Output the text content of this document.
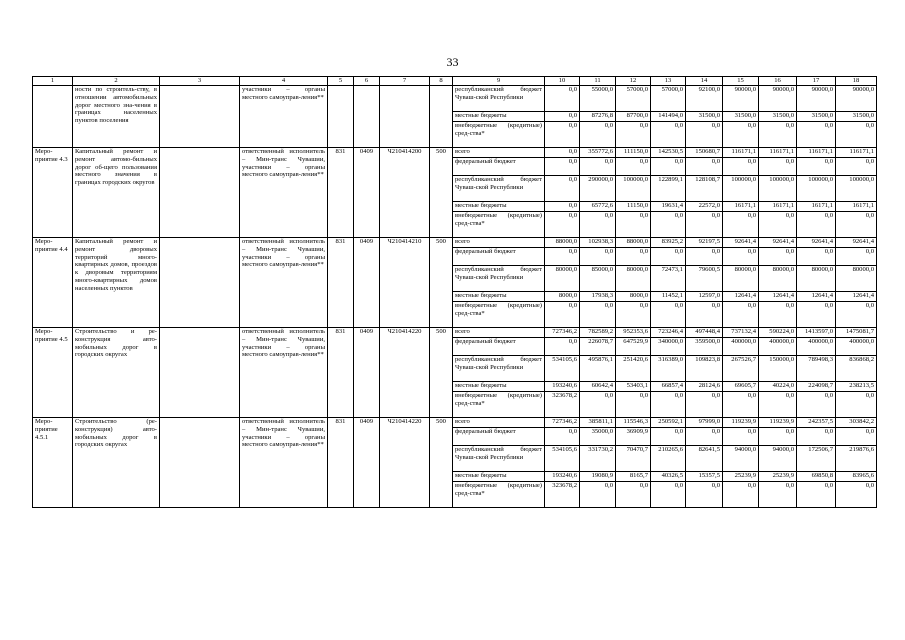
33
1	2	3	4	5	6	7	8	9	10	11	12	13	14	15	16	17	18
	ности по строитель-ству, в отношении автомобильных дорог местного зна-чения в границах населенных пунктов поселения		участники – органы местного самоуправ-ления**					республиканский бюджет Чуваш-ской Республики	0,0	55000,0	57000,0	57000,0	92100,0	90000,0	90000,0	90000,0	90000,0
								местные бюджеты	0,0	87276,8	87700,0	141494,0	31500,0	31500,0	31500,0	31500,0	31500,0
								внебюджетные (кредитные) сред-ства*	0,0	0,0	0,0	0,0	0,0	0,0	0,0	0,0	0,0
Меро-приятие 4.3	Капитальный ремонт и ремонт автомо-бильных дорог об-щего пользования местного значения в границах городских округов		ответственный исполнитель – Мин-транс Чувашии, участники – органы местного самоуправ-ления**	831	0409	Ч210414200	500	всего	0,0	355772,6	111150,0	142530,5	150680,7	116171,1	116171,1	116171,1	116171,1
								федеральный бюджет	0,0	0,0	0,0	0,0	0,0	0,0	0,0	0,0	0,0
								республиканский бюджет Чуваш-ской Республики	0,0	290000,0	100000,0	122899,1	128108,7	100000,0	100000,0	100000,0	100000,0
								местные бюджеты	0,0	65772,6	11150,0	19631,4	22572,0	16171,1	16171,1	16171,1	16171,1
								внебюджетные (кредитные) сред-ства*	0,0	0,0	0,0	0,0	0,0	0,0	0,0	0,0	0,0
Меро-приятие 4.4	Капитальный ремонт и ремонт дворовых территорий много-квартирных домов, проездов к дворовым территориям много-квартирных домов населенных пунктов		ответственный исполнитель – Мин-транс Чувашии, участники – органы местного самоуправ-ления**	831	0409	Ч210414210	500	всего	88000,0	102938,3	88000,0	83925,2	92197,5	92641,4	92641,4	92641,4	92641,4
								федеральный бюджет	0,0	0,0	0,0	0,0	0,0	0,0	0,0	0,0	0,0
								республиканский бюджет Чуваш-ской Республики	80000,0	85000,0	80000,0	72473,1	79600,5	80000,0	80000,0	80000,0	80000,0
								местные бюджеты	8000,0	17938,3	8000,0	11452,1	12597,0	12641,4	12641,4	12641,4	12641,4
								внебюджетные (кредитные) сред-ства*	0,0	0,0	0,0	0,0	0,0	0,0	0,0	0,0	0,0
Меро-приятие 4.5	Строительство и ре-конструкция авто-мобильных дорог в городских округах		ответственный исполнитель – Мин-транс Чувашии, участники – органы местного самоуправ-ления**	831	0409	Ч210414220	500	всего	727346,2	782589,2	952353,6	723246,4	497448,4	737132,4	590224,0	1413597,0	1475081,7
								федеральный бюджет	0,0	226078,7	647529,9	340000,0	359500,0	400000,0	400000,0	400000,0	400000,0
								республиканский бюджет Чуваш-ской Республики	534105,6	495876,1	251420,6	316389,0	109823,8	267526,7	150000,0	789498,3	836868,2
								местные бюджеты	193240,6	60642,4	53403,1	66857,4	28124,6	69605,7	40224,0	224098,7	238213,5
								внебюджетные (кредитные) сред-ства*	323678,2	0,0	0,0	0,0	0,0	0,0	0,0	0,0	0,0
Меро-приятие 4.5.1	Строительство (ре-конструкция) авто-мобильных дорог в городских округах		ответственный исполнитель – Мин-транс Чувашии, участники – органы местного самоуправ-ления**	831	0409	Ч210414220	500	всего	727346,2	385811,1	115546,3	250592,1	97999,0	119239,9	119239,9	242357,5	303842,2
								федеральный бюджет	0,0	35000,0	36909,9	0,0	0,0	0,0	0,0	0,0	0,0
								республиканский бюджет Чуваш-ской Республики	534105,6	331730,2	70470,7	210265,6	82641,5	94000,0	94000,0	172506,7	219876,6
								местные бюджеты	193240,6	19080,9	8165,7	40326,5	15357,5	25239,9	25239,9	69850,8	83965,6
								внебюджетные (кредитные) сред-ства*	323678,2	0,0	0,0	0,0	0,0	0,0	0,0	0,0	0,0
